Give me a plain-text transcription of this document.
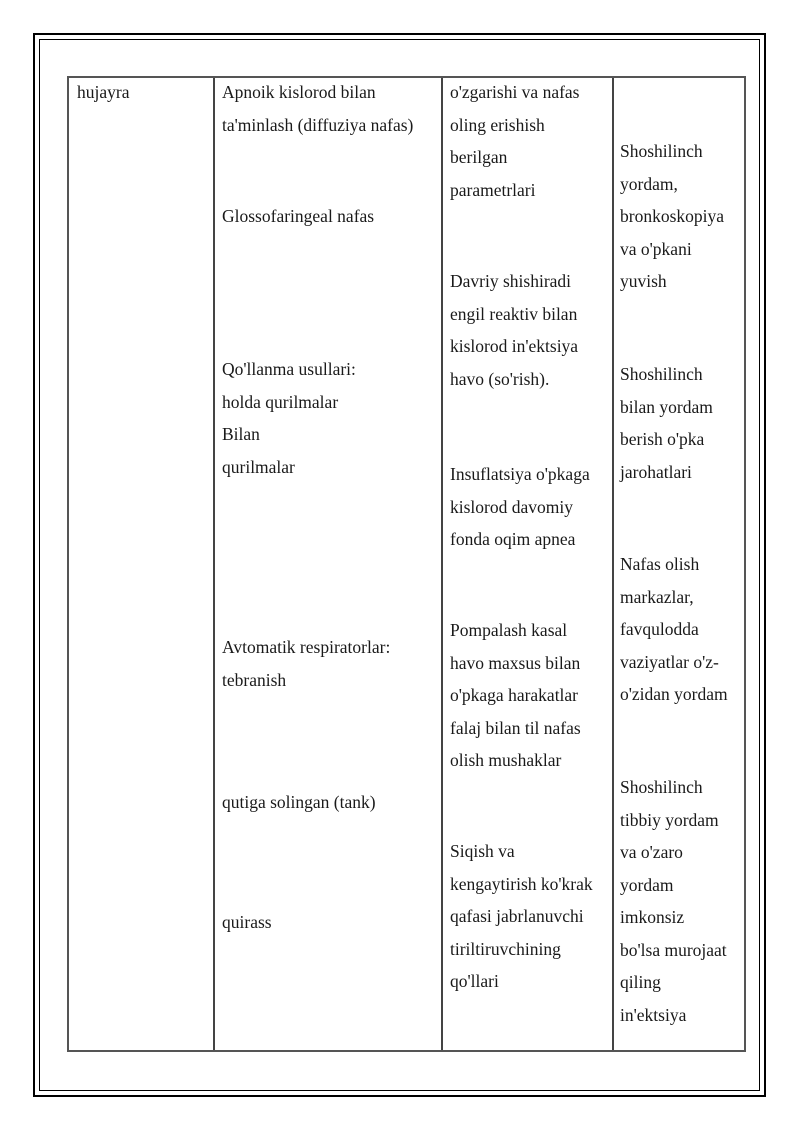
hujayra	Apnoik kislorod bilan
ta'minlash (diffuziya nafas)

Glossofaringeal nafas

Qo'llanma usullari:
holda qurilmalar
Bilan
qurilmalar

Avtomatik respiratorlar:
tebranish

qutiga solingan (tank)

quirass

o'zgarishi va nafas
oling erishish
berilgan
parametrlari

Davriy shishiradi
engil reaktiv bilan
kislorod in'ektsiya
havo (so'rish).

Insuflatsiya o'pkaga
kislorod davomiy
fonda oqim apnea

Pompalash kasal
havo maxsus bilan
o'pkaga harakatlar
falaj bilan til nafas
olish mushaklar

Siqish va
kengaytirish ko'krak
qafasi jabrlanuvchi
tiriltiruvchining
qo'llari

Shoshilinch
yordam,
bronkoskopiya
va o'pkani
yuvish

Shoshilinch
bilan yordam
berish o'pka
jarohatlari

Nafas olish
markazlar,
favqulodda
vaziyatlar o'z-
o'zidan yordam

Shoshilinch
tibbiy yordam
va o'zaro
yordam
imkonsiz
bo'lsa murojaat
qiling
in'ektsiya
